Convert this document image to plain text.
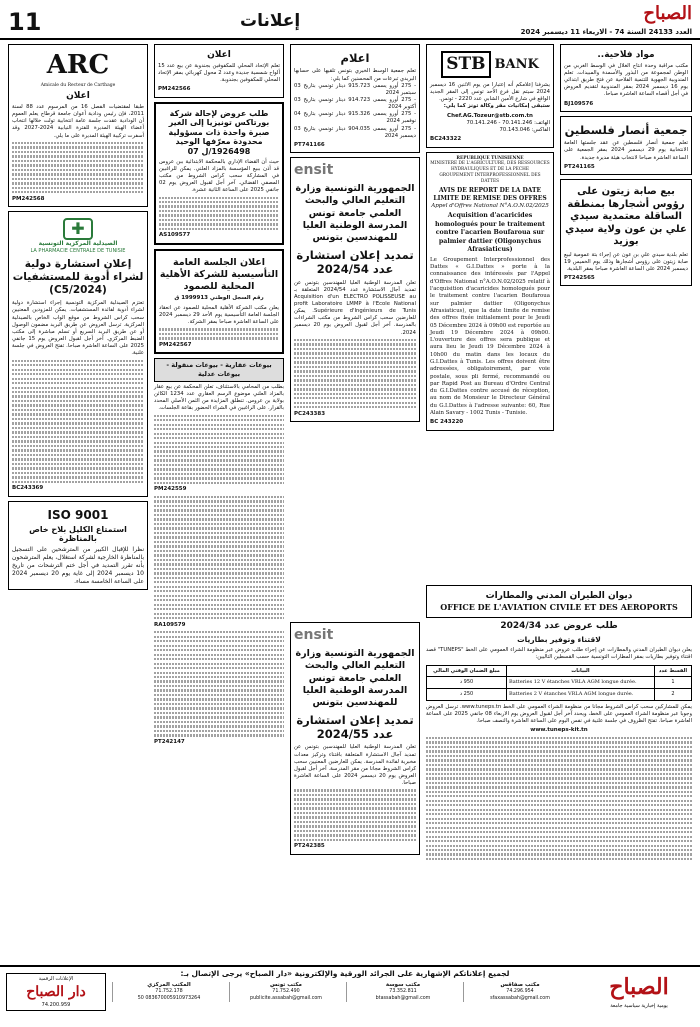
11	إعلانات	الصباح
العدد 24133 السنة 74 - الاربعاء 11 ديسمبر 2024
مواد فلاحية..
مكتب مراقبة وحدة انتاج الغلال في الوسط الغربي من الوطن لمجموعة من البذور والأسمدة والمبيدات. تعلم المندوبية الجهوية للتنمية الفلاحية عن فتح طريق ابتدائي يوم 16 ديسمبر 2024 بمقر المندوبية لتقديم العروض في أجل أقصاه الساعة العاشرة صباحا.
BJ109576
جمعية أنصار فلسطين
تعلم جمعية أنصار فلسطين عن عقد جلستها العامة الانتخابية يوم 29 ديسمبر 2024 بمقر الجمعية على الساعة العاشرة صباحا لانتخاب هيئة مديرة جديدة.
PT241165
بيع صابة زيتون على رؤوس أشجارها بمنطقة الساقلة معتمدية سيدي علي بن عون ولاية سيدي بوزيد
تعلم بلدية سيدي علي بن عون عن إجراء بتة عمومية لبيع صابة زيتون على رؤوس أشجارها وذلك يوم الخميس 19 ديسمبر 2024 على الساعة العاشرة صباحا بمقر البلدية.
PT242565
ديوان الطيران المدني والمطارات
OFFICE DE L'AVIATION CIVILE ET DES AEROPORTS
طلب عروض عدد 2024/34
لاقتناء وتوفير بطاريات
يعلن ديوان الطيران المدني والمطارات عن إجراء طلب عروض عبر منظومة الشراء العمومي على الخط "TUNEPS" قصد اقتناء وتوفير بطاريات بمقر المطارات التونسية حسب القسطين التاليين:
القسط عدد	البيانات	مبلغ الضمان الوقتي المالي
1	Batteries 12 V étanches VRLA AGM longue durée.	950 د
2	Batteries 2 V étanches VRLA AGM longue durée.	250 د
يمكن للمشاركين سحب كراس الشروط مجانا من منظومة الشراء العمومي على الخط www.tuneps.tn. ترسل العروض وجوبا عبر منظومة الشراء العمومي على الخط، ويحدد آخر أجل لقبول العروض يوم الاربعاء 08 جانفي 2025 على الساعة العاشرة صباحا. تفتح الظروف في جلسة علنية في نفس اليوم على الساعة العاشرة والنصف صباحا.
www.tuneps-kit.tn
STB BANK
يشرفنا إعلامكم أنه إعتبارا من يوم الاثنين 16 ديسمبر 2024 سيتم نقل فرع الأحد تونس إلى المقر الجديد الواقع في شارع الأمين الشابي عدد 2220 - تونس.
ستبقى إمكانيات مقر وكالة تونز كما يلي:
Chef.AG.Tozeur@stb.com.tn
الهاتف: 70.141.246 - 70.141.246
الفاكس: 70.143.046
BC243322
REPUBLIQUE TUNISIENNE
MINISTERE DE L'AGRICULTURE, DES RESSOURCES HYDRAULIQUES ET DE LA PECHE
GROUPEMENT INTERPROFESSIONNEL DES DATTES
AVIS DE REPORT DE LA DATE LIMITE DE REMISE DES OFFRES
Appel d'Offres National N°A.O.N.02/2025
Acquisition d'acaricides homologués pour le traitement contre l'acarien Boufaroua sur palmier dattier (Oligonychus Afrasiaticus)
Le Groupement Interprofessionnel des Dattes « G.I.Dattes » porte à la connaissance des intéressés par l'Appel d'Offres National n°A.O.N.02/2025 relatif à l'acquisition d'acaricides homologués pour le traitement contre l'acarien Boufaroua sur palmier dattier (Oligonychus Afrasiaticus), que la date limite de remise des offres fixée initialement pour le Jeudi 05 Décembre 2024 à 09h00 est reportée au Jeudi 19 Décembre 2024 à 09h00. L'ouverture des offres sera publique et aura lieu le Jeudi 19 Décembre 2024 à 10h00 du matin dans les locaux du G.I.Dattes à Tunis. Les offres doivent être adressées, obligatoirement, par voie postale, sous pli fermé, recommandé ou par Rapid Post au Bureau d'Ordre Central du G.I.Dattes contre accusé de réception, au nom de Monsieur le Directeur Général du G.I.Dattes à l'adresse suivante: 60, Rue Alain Savary - 1002 Tunis - Tunisie.
BC 243220
اعلام
تعلم جمعية الوسط الخيري بتونس تلقيها على حسابها البريدي تبرعات من المحسنين كما يلي:
- 275 أورو يسمى 915.723 دينار تونسي بتاريخ 03 سبتمبر 2024
- 275 أورو يسمى 914.723 دينار تونسي بتاريخ 03 أكتوبر 2024
- 275 أورو يسمى 915.326 دينار تونسي بتاريخ 04 نوفمبر 2024
- 275 أورو يسمى 904.035 دينار تونسي بتاريخ 03 ديسمبر 2024
PT741166
ensit
الجمهورية التونسية وزارة التعليم العالي والبحث العلمي جامعة تونس المدرسة الوطنية العليا للمهندسين بتونس
تمديد إعلان استشارة عدد 2024/54
تعلن المدرسة الوطنية العليا للمهندسين بتونس عن تمديد آجال الاستشارة عدد 2024/54 المتعلقة بـ Acquisition d'un ELECTRO POLISSEUSE au profit Laboratoire LMMP à l'Ecole National Supérieure d'Ingénieurs de Tunis. يمكن للعارضين سحب كراس الشروط من مكتب الشراءات بالمدرسة. آخر أجل لقبول العروض يوم 20 ديسمبر 2024.
PC243383
ensit
الجمهورية التونسية وزارة التعليم العالي والبحث العلمي جامعة تونس المدرسة الوطنية العليا للمهندسين بتونس
تمديد إعلان استشارة عدد 2024/55
تعلن المدرسة الوطنية العليا للمهندسين بتونس عن تمديد آجال الاستشارة المتعلقة باقتناء وتركيز معدات مخبرية لفائدة المدرسة. يمكن للعارضين المعنيين سحب كراس الشروط مجانا من مقر المدرسة. آخر أجل لقبول العروض يوم 20 ديسمبر 2024 على الساعة العاشرة صباحا.
PT242385
اعلان
تعلم الإتحاد المحلي للمكفوفين بجندوبة عن بيع عدد 15 ألواح شمسية جديدة وعدد 2 محول كهربائي بمقر الإتحاد المحلي للمكفوفين بجندوبة.
PM242566
طلب عروض لإحالة شركة بورتاكس تونيزيا إلى الغير صبرة واحدة ذات مسؤولية محدودة معرّفها الوحيد 1926498/ل 07
حيث أن القضاء الإداري بالمحكمة الابتدائية ببن عروس قد أذن ببيع المؤسسة بالمزاد العلني. يمكن للراغبين في المشاركة سحب كراس الشروط من مكتب المصفي القضائي. آخر أجل لقبول العروض يوم 02 جانفي 2025 على الساعة الثانية عشرة.
AS109577
اعلان الجلسة العامة التأسيسية للشركة الأهلية المحلية للصمود
رقم السجل الوطني 1999913 ق
يعلن مكتب الشركة الأهلية المحلية للصمود عن انعقاد الجلسة العامة التأسيسية يوم الأحد 29 ديسمبر 2024 على الساعة العاشرة صباحا بمقر الشركة.
PM242567
بيوعات عقارية - بيوعات منقولة - بيوعات عدلية
بطلب من المحامي بالاستئناف، تعلن المحكمة عن بيع عقار بالمزاد العلني موضوع الرسم العقاري عدد 1234 الكائن بولاية بن عروس. تنطلق المزايدة من الثمن الأصلي المحدد بالقرار. على الراغبين في الشراء الحضور بقاعة الجلسات.
PM242559
RA109579
PT242147
ARC
Amicale du Recteur de Carthage
اعلان
طبقا لمقتضيات الفصل 16 من المرسوم عدد 88 لسنة 2011، فإن رئيس ودادية أعوان جامعة قرطاج يعلم العموم أن الودادية عقدت جلسة عامة انتخابية تولت خلالها انتخاب أعضاء الهيئة المديرة للفترة النيابية 2024-2027 وقد أسفرت تركيبة الهيئة المديرة على ما يلي.
PM242568
✚
الصيدلية المركزية التونسية
LA PHARMACIE CENTRALE DE TUNISIE
إعلان استشارة دولية لشراء أدوية للمستشفيات (2024/C5)
تعتزم الصيدلية المركزية التونسية إجراء استشارة دولية لشراء أدوية لفائدة المستشفيات. يمكن للمزودين المعنيين سحب كراس الشروط من موقع الواب الخاص بالصيدلية المركزية. ترسل العروض عن طريق البريد مضمون الوصول أو عن طريق البريد السريع أو تسلم مباشرة إلى مكتب الضبط المركزي. آخر أجل لقبول العروض يوم 15 جانفي 2025 على الساعة العاشرة صباحا. تفتح العروض في جلسة علنية.
BC243369
ISO 9001
استمتاع الكليل بلاح خاص بالمناظرة
نظرا للإقبال الكبير من المترشحين على التسجيل بالمناظرة الخارجية لشركة استغلال، يعلم المترشحون بأنه تقرر التمديد في أجل ختم الترشحات من تاريخ 10 ديسمبر 2024 إلى غاية يوم 20 ديسمبر 2024 على الساعة الخامسة مساء.
الصباح
يومية إخبارية سياسية جامعة
لجميع إعلاناتكم الإشهارية على الجرائد الورقية والإلكترونية «دار الصباح» يرجى الإتصال بـ:
مكتب صفاقس
74.296.954
sfaxassabah@gmail.com
مكتب سوسة
73.352.811
btassabah@gmail.com
مكتب تونس
71.752.490
publicite.assabah@gmail.com
المكتب المركزي
71.752.178
083670005910973264 50
الإعلانات الرقمية
دار الصباح
74.200.959
